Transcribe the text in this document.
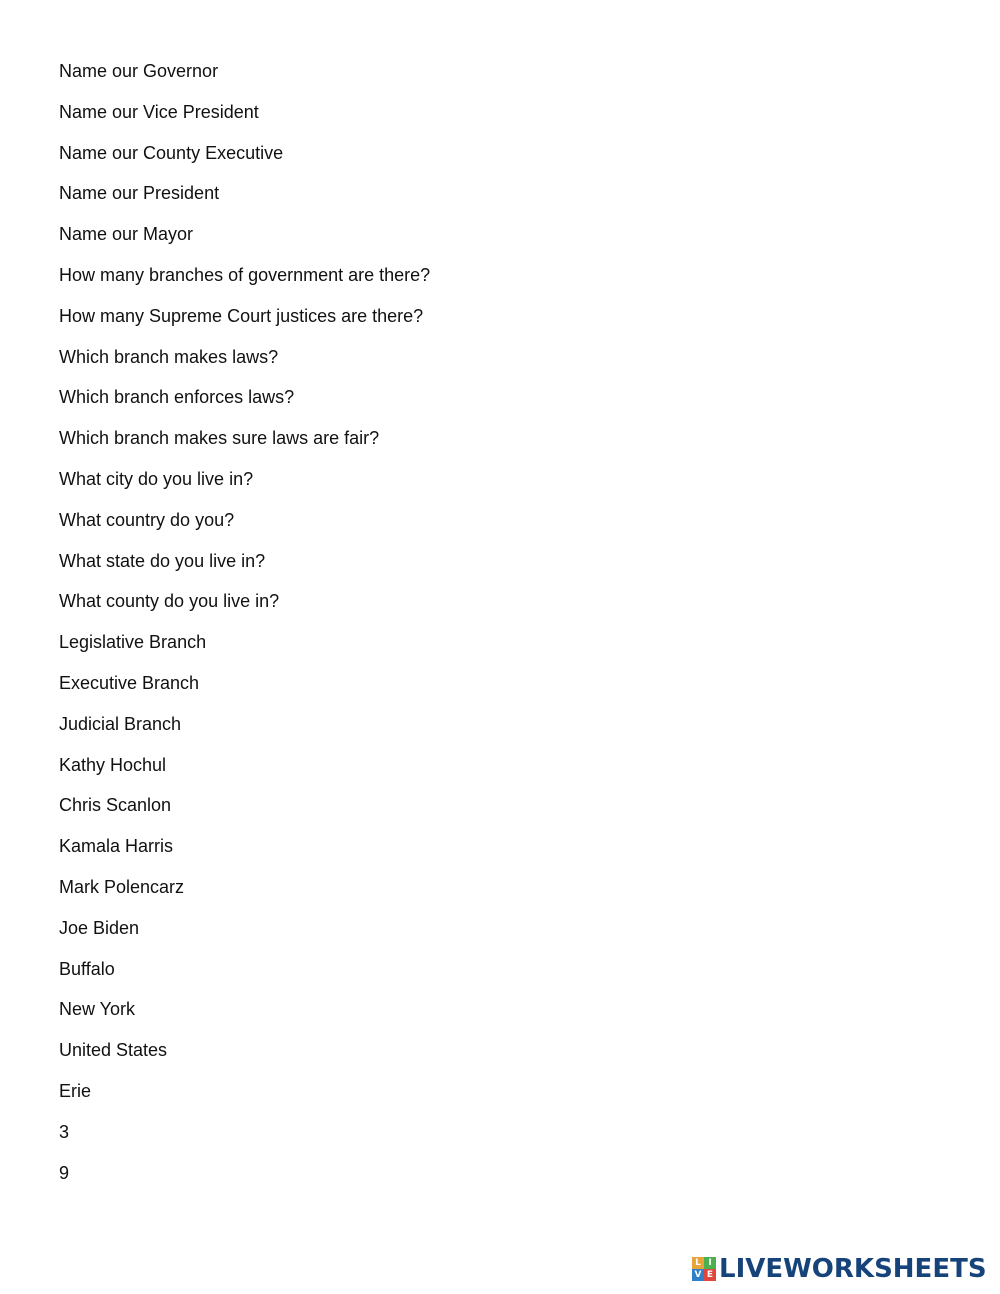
Name our Governor
Name our Vice President
Name our County Executive
Name our President
Name our Mayor
How many branches of government are there?
How many Supreme Court justices are there?
Which branch makes laws?
Which branch enforces laws?
Which branch makes sure laws are fair?
What city do you live in?
What country do you?
What state do you live in?
What county do you live in?
Legislative Branch
Executive Branch
Judicial Branch
Kathy Hochul
Chris Scanlon
Kamala Harris
Mark Polencarz
Joe Biden
Buffalo
New York
United States
Erie
3
9
L I
V E LIVEWORKSHEETS
